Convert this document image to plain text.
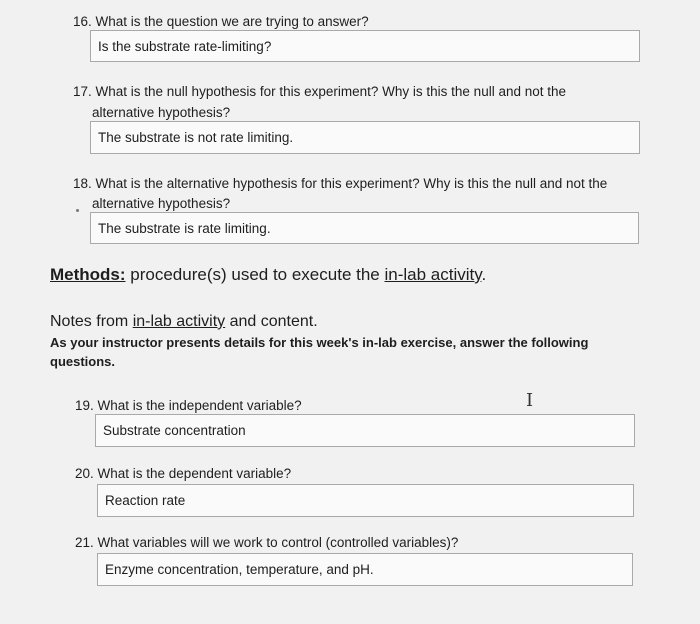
16. What is the question we are trying to answer?
Is the substrate rate-limiting?
17. What is the null hypothesis for this experiment? Why is this the null and not the
alternative hypothesis?
The substrate is not rate limiting.
18. What is the alternative hypothesis for this experiment? Why is this the null and not the
alternative hypothesis?
The substrate is rate limiting.
Methods: procedure(s) used to execute the in-lab activity.
Notes from in-lab activity and content.
As your instructor presents details for this week's in-lab exercise, answer the following questions.
I
19. What is the independent variable?
Substrate concentration
20. What is the dependent variable?
Reaction rate
21. What variables will we work to control (controlled variables)?
Enzyme concentration, temperature, and pH.
